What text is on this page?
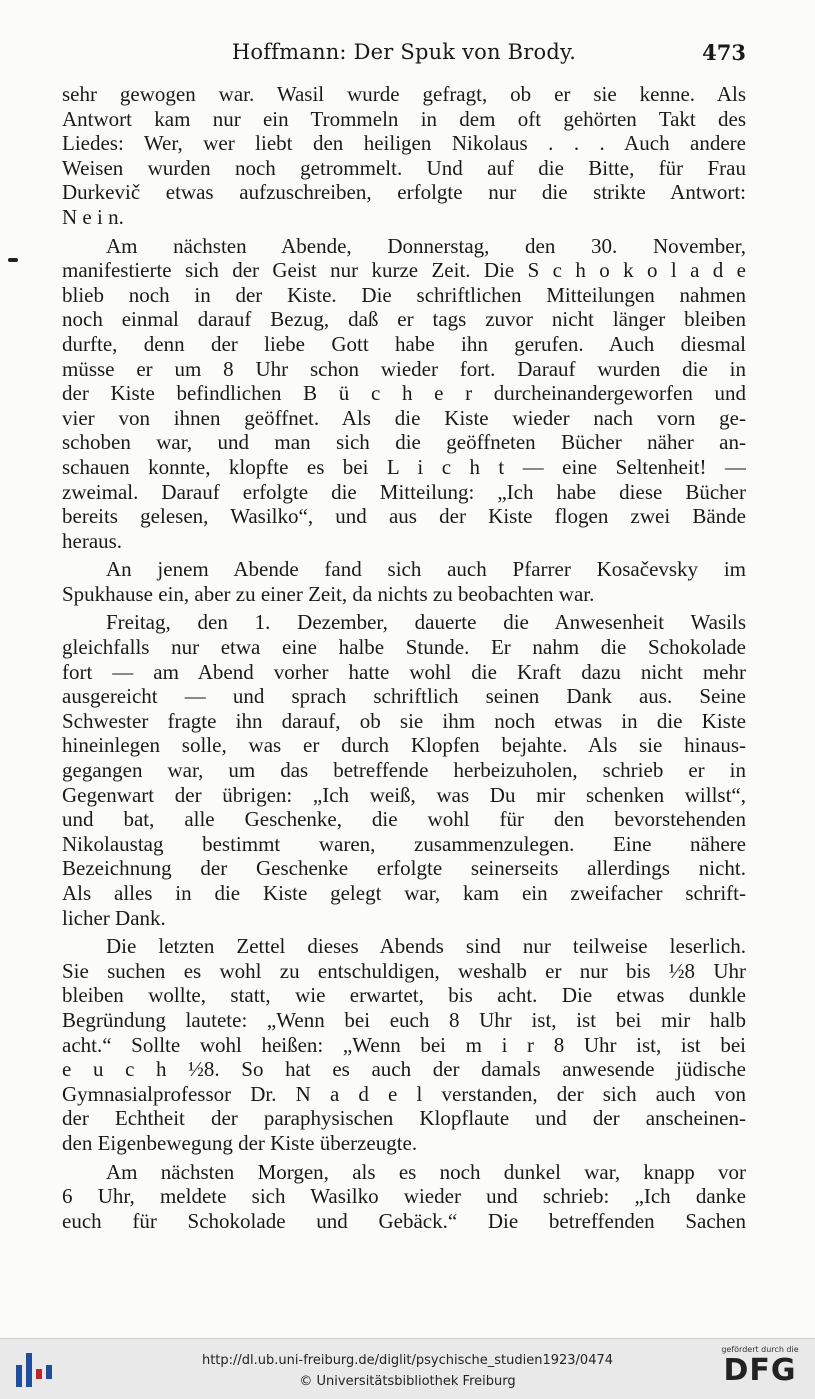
Hoffmann: Der Spuk von Brody.	473
sehr gewogen war. Wasil wurde gefragt, ob er sie kenne. Als
Antwort kam nur ein Trommeln in dem oft gehörten Takt des
Liedes: Wer, wer liebt den heiligen Nikolaus . . . Auch andere
Weisen wurden noch getrommelt. Und auf die Bitte, für Frau
Durkevič etwas aufzuschreiben, erfolgte nur die strikte Antwort:
N e i n.
Am nächsten Abende, Donnerstag, den 30. November,
manifestierte sich der Geist nur kurze Zeit. Die S c h o k o l a d e
blieb noch in der Kiste. Die schriftlichen Mitteilungen nahmen
noch einmal darauf Bezug, daß er tags zuvor nicht länger bleiben
durfte, denn der liebe Gott habe ihn gerufen. Auch diesmal
müsse er um 8 Uhr schon wieder fort. Darauf wurden die in
der Kiste befindlichen B ü c h e r durcheinandergeworfen und
vier von ihnen geöffnet. Als die Kiste wieder nach vorn ge-
schoben war, und man sich die geöffneten Bücher näher an-
schauen konnte, klopfte es bei L i c h t — eine Seltenheit! —
zweimal. Darauf erfolgte die Mitteilung: „Ich habe diese Bücher
bereits gelesen, Wasilko“, und aus der Kiste flogen zwei Bände
heraus.
An jenem Abende fand sich auch Pfarrer Kosačevsky im
Spukhause ein, aber zu einer Zeit, da nichts zu beobachten war.
Freitag, den 1. Dezember, dauerte die Anwesenheit Wasils
gleichfalls nur etwa eine halbe Stunde. Er nahm die Schokolade
fort — am Abend vorher hatte wohl die Kraft dazu nicht mehr
ausgereicht — und sprach schriftlich seinen Dank aus. Seine
Schwester fragte ihn darauf, ob sie ihm noch etwas in die Kiste
hineinlegen solle, was er durch Klopfen bejahte. Als sie hinaus-
gegangen war, um das betreffende herbeizuholen, schrieb er in
Gegenwart der übrigen: „Ich weiß, was Du mir schenken willst“,
und bat, alle Geschenke, die wohl für den bevorstehenden
Nikolaustag bestimmt waren, zusammenzulegen. Eine nähere
Bezeichnung der Geschenke erfolgte seinerseits allerdings nicht.
Als alles in die Kiste gelegt war, kam ein zweifacher schrift-
licher Dank.
Die letzten Zettel dieses Abends sind nur teilweise leserlich.
Sie suchen es wohl zu entschuldigen, weshalb er nur bis ½8 Uhr
bleiben wollte, statt, wie erwartet, bis acht. Die etwas dunkle
Begründung lautete: „Wenn bei euch 8 Uhr ist, ist bei mir halb
acht.“ Sollte wohl heißen: „Wenn bei m i r 8 Uhr ist, ist bei
e u c h ½8. So hat es auch der damals anwesende jüdische
Gymnasialprofessor Dr. N a d e l verstanden, der sich auch von
der Echtheit der paraphysischen Klopflaute und der anscheinen-
den Eigenbewegung der Kiste überzeugte.
Am nächsten Morgen, als es noch dunkel war, knapp vor
6 Uhr, meldete sich Wasilko wieder und schrieb: „Ich danke
euch für Schokolade und Gebäck.“ Die betreffenden Sachen
http://dl.ub.uni-freiburg.de/diglit/psychische_studien1923/0474
© Universitätsbibliothek Freiburg
gefördert durch die
DFG
